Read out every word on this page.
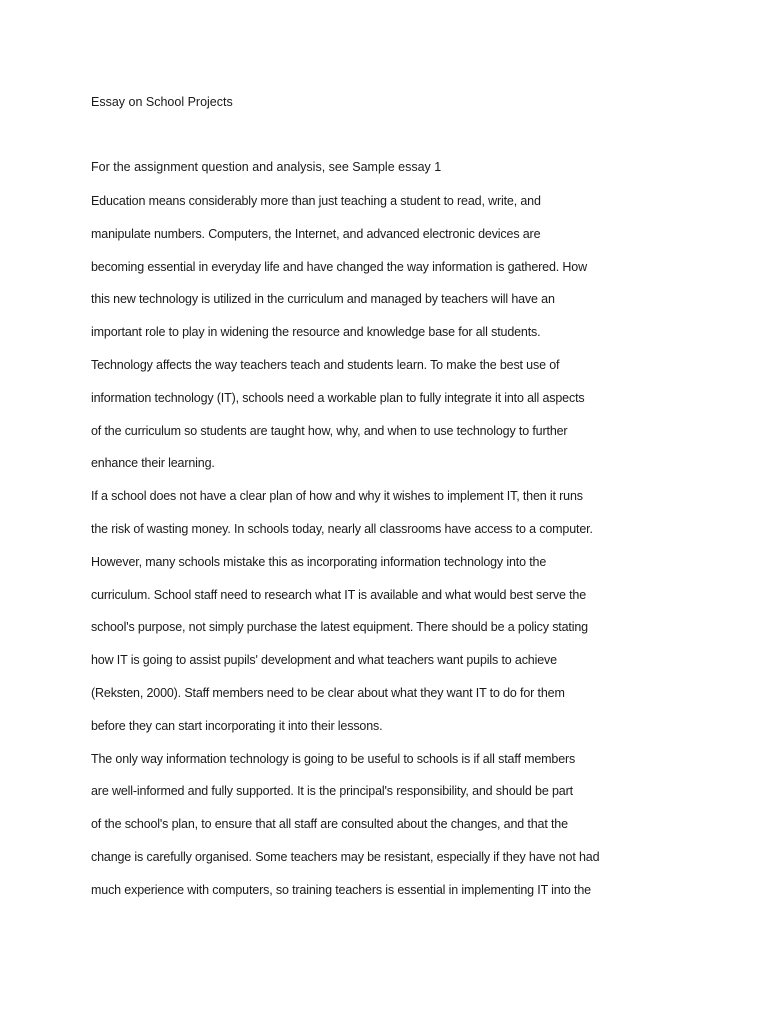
Essay on School Projects
For the assignment question and analysis, see Sample essay 1
Education means considerably more than just teaching a student to read, write, and
manipulate numbers. Computers, the Internet, and advanced electronic devices are
becoming essential in everyday life and have changed the way information is gathered. How
this new technology is utilized in the curriculum and managed by teachers will have an
important role to play in widening the resource and knowledge base for all students.
Technology affects the way teachers teach and students learn. To make the best use of
information technology (IT), schools need a workable plan to fully integrate it into all aspects
of the curriculum so students are taught how, why, and when to use technology to further
enhance their learning.
If a school does not have a clear plan of how and why it wishes to implement IT, then it runs
the risk of wasting money. In schools today, nearly all classrooms have access to a computer.
However, many schools mistake this as incorporating information technology into the
curriculum. School staff need to research what IT is available and what would best serve the
school's purpose, not simply purchase the latest equipment. There should be a policy stating
how IT is going to assist pupils' development and what teachers want pupils to achieve
(Reksten, 2000). Staff members need to be clear about what they want IT to do for them
before they can start incorporating it into their lessons.
The only way information technology is going to be useful to schools is if all staff members
are well-informed and fully supported. It is the principal's responsibility, and should be part
of the school's plan, to ensure that all staff are consulted about the changes, and that the
change is carefully organised. Some teachers may be resistant, especially if they have not had
much experience with computers, so training teachers is essential in implementing IT into the
